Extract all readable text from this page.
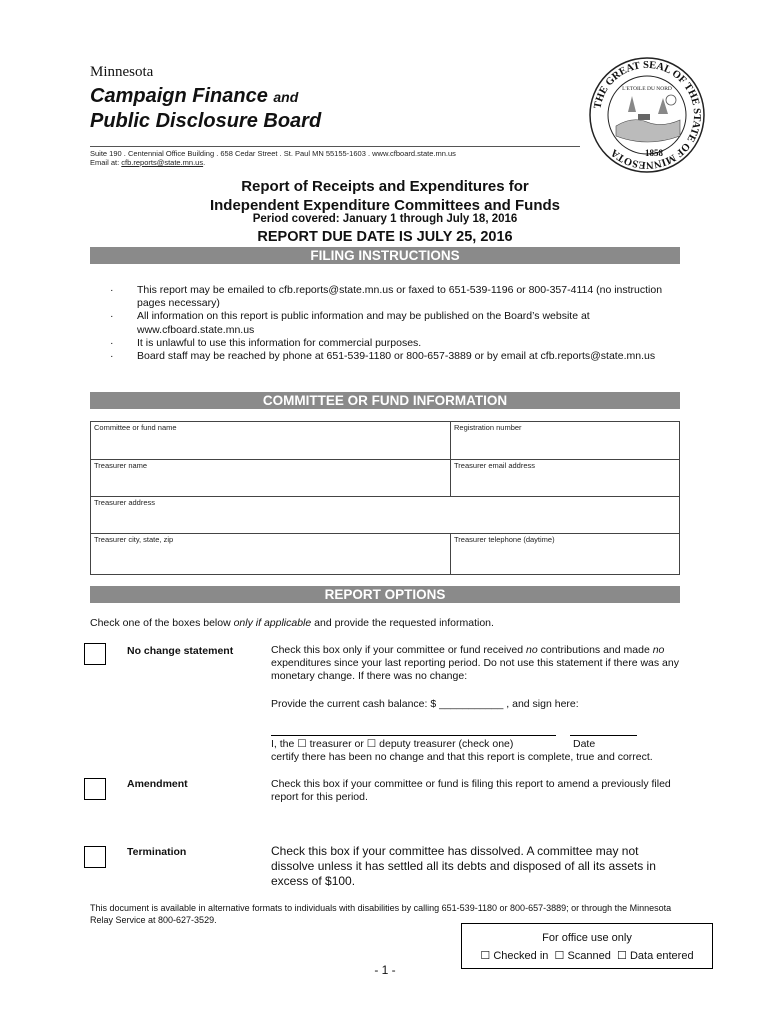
Minnesota
Campaign Finance and
Public Disclosure Board
Suite 190 . Centennial Office Building . 658 Cedar Street . St. Paul MN 55155-1603 . www.cfboard.state.mn.us
Email at: cfb.reports@state.mn.us.
THE GREAT SEAL OF THE STATE OF MINNESOTA
L'ETOILE DU NORD
1858
Report of Receipts and Expenditures for
Independent Expenditure Committees and Funds
Period covered: January 1 through July 18, 2016
REPORT DUE DATE IS JULY 25, 2016
FILING INSTRUCTIONS
· This report may be emailed to cfb.reports@state.mn.us or faxed to 651-539-1196 or 800-357-4114 (no instruction pages necessary)
· All information on this report is public information and may be published on the Board’s website at www.cfboard.state.mn.us
· It is unlawful to use this information for commercial purposes.
· Board staff may be reached by phone at 651-539-1180 or 800-657-3889 or by email at cfb.reports@state.mn.us
COMMITTEE OR FUND INFORMATION
Committee or fund name	Registration number
Treasurer name	Treasurer email address
Treasurer address
Treasurer city, state, zip	Treasurer telephone (daytime)
REPORT OPTIONS
Check one of the boxes below only if applicable and provide the requested information.
No change statement	Check this box only if your committee or fund received no contributions and made no expenditures since your last reporting period. Do not use this statement if there was any monetary change. If there was no change:
Provide the current cash balance: $ ___________ , and sign here:
I, the ☐ treasurer or ☐ deputy treasurer (check one)	Date
certify there has been no change and that this report is complete, true and correct.
Amendment	Check this box if your committee or fund is filing this report to amend a previously filed report for this period.
Termination	Check this box if your committee has dissolved. A committee may not dissolve unless it has settled all its debts and disposed of all its assets in excess of $100.
This document is available in alternative formats to individuals with disabilities by calling 651-539-1180 or 800-657-3889; or through the Minnesota Relay Service at 800-627-3529.
For office use only
☐ Checked in ☐ Scanned ☐ Data entered
- 1 -
